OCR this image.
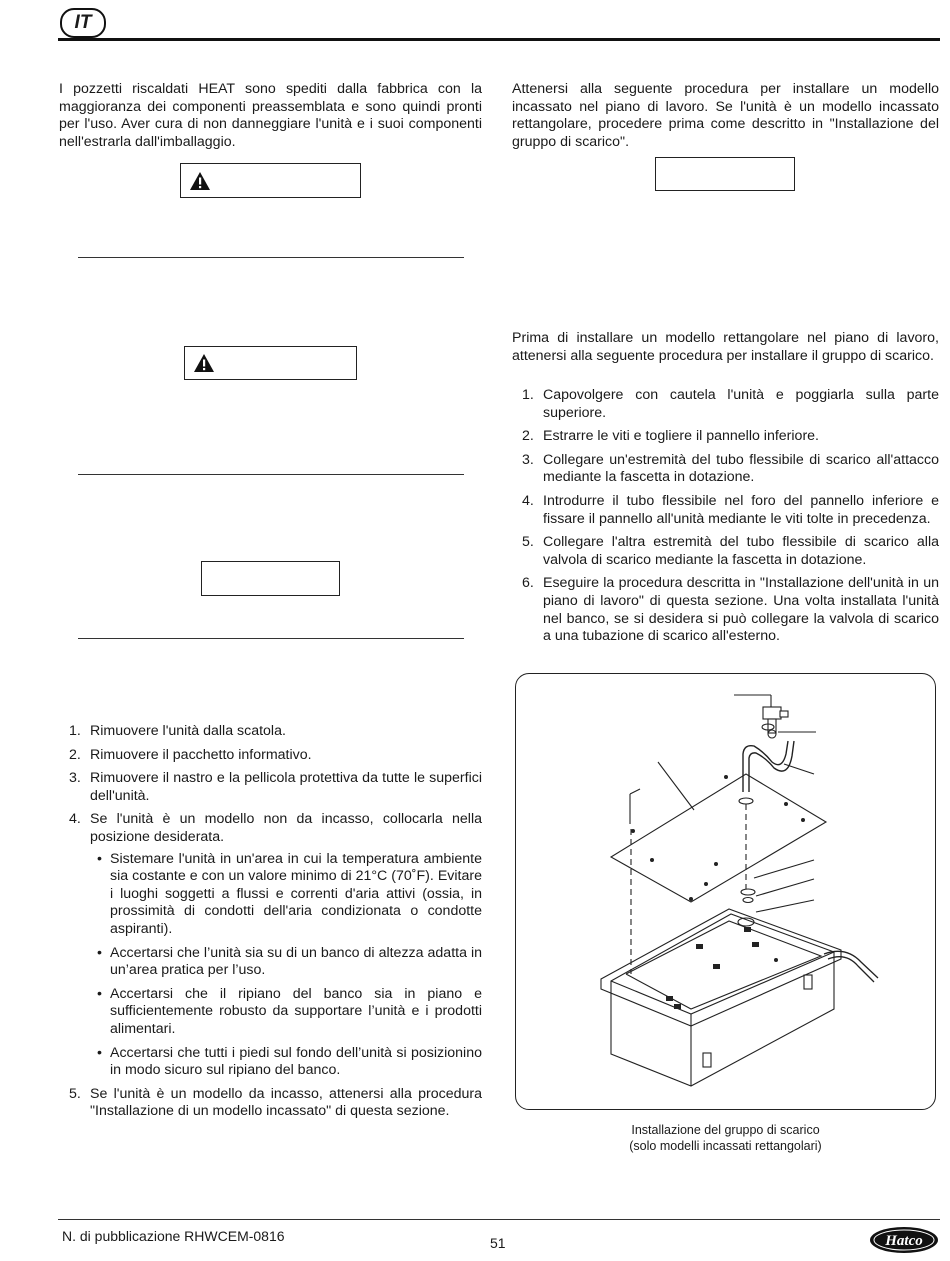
IT
I pozzetti riscaldati HEAT sono spediti dalla fabbrica con la maggioranza dei componenti preassemblata e sono quindi pronti per l'uso. Aver cura di non danneggiare l'unità e i suoi componenti nell'estrarla dall'imballaggio.
1. Rimuovere l'unità dalla scatola.
2. Rimuovere il pacchetto informativo.
3. Rimuovere il nastro e la pellicola protettiva da tutte le superfici dell'unità.
4. Se l'unità è un modello non da incasso, collocarla nella posizione desiderata.
• Sistemare l'unità in un'area in cui la temperatura ambiente sia costante e con un valore minimo di 21°C (70˚F). Evitare i luoghi soggetti a flussi e correnti d'aria attivi (ossia, in prossimità di condotti dell'aria condizionata o condotte aspiranti).
• Accertarsi che l’unità sia su di un banco di altezza adatta in un’area pratica per l’uso.
• Accertarsi che il ripiano del banco sia in piano e sufficientemente robusto da supportare l’unità e i prodotti alimentari.
• Accertarsi che tutti i piedi sul fondo dell’unità si posizionino in modo sicuro sul ripiano del banco.
5. Se l'unità è un modello da incasso, attenersi alla procedura "Installazione di un modello incassato" di questa sezione.
Attenersi alla seguente procedura per installare un modello incassato nel piano di lavoro. Se l'unità è un modello incassato rettangolare, procedere prima come descritto in "Installazione del gruppo di scarico".
Prima di installare un modello rettangolare nel piano di lavoro, attenersi alla seguente procedura per installare il gruppo di scarico.
1. Capovolgere con cautela l'unità e poggiarla sulla parte superiore.
2. Estrarre le viti e togliere il pannello inferiore.
3. Collegare un'estremità del tubo flessibile di scarico all'attacco mediante la fascetta in dotazione.
4. Introdurre il tubo flessibile nel foro del pannello inferiore e fissare il pannello all'unità mediante le viti tolte in precedenza.
5. Collegare l'altra estremità del tubo flessibile di scarico alla valvola di scarico mediante la fascetta in dotazione.
6. Eseguire la procedura descritta in "Installazione dell'unità in un piano di lavoro" di questa sezione. Una volta installata l'unità nel banco, se si desidera si può collegare la valvola di scarico a una tubazione di scarico all'esterno.
Installazione del gruppo di scarico
(solo modelli incassati rettangolari)
N. di pubblicazione RHWCEM-0816	51	Hatco
